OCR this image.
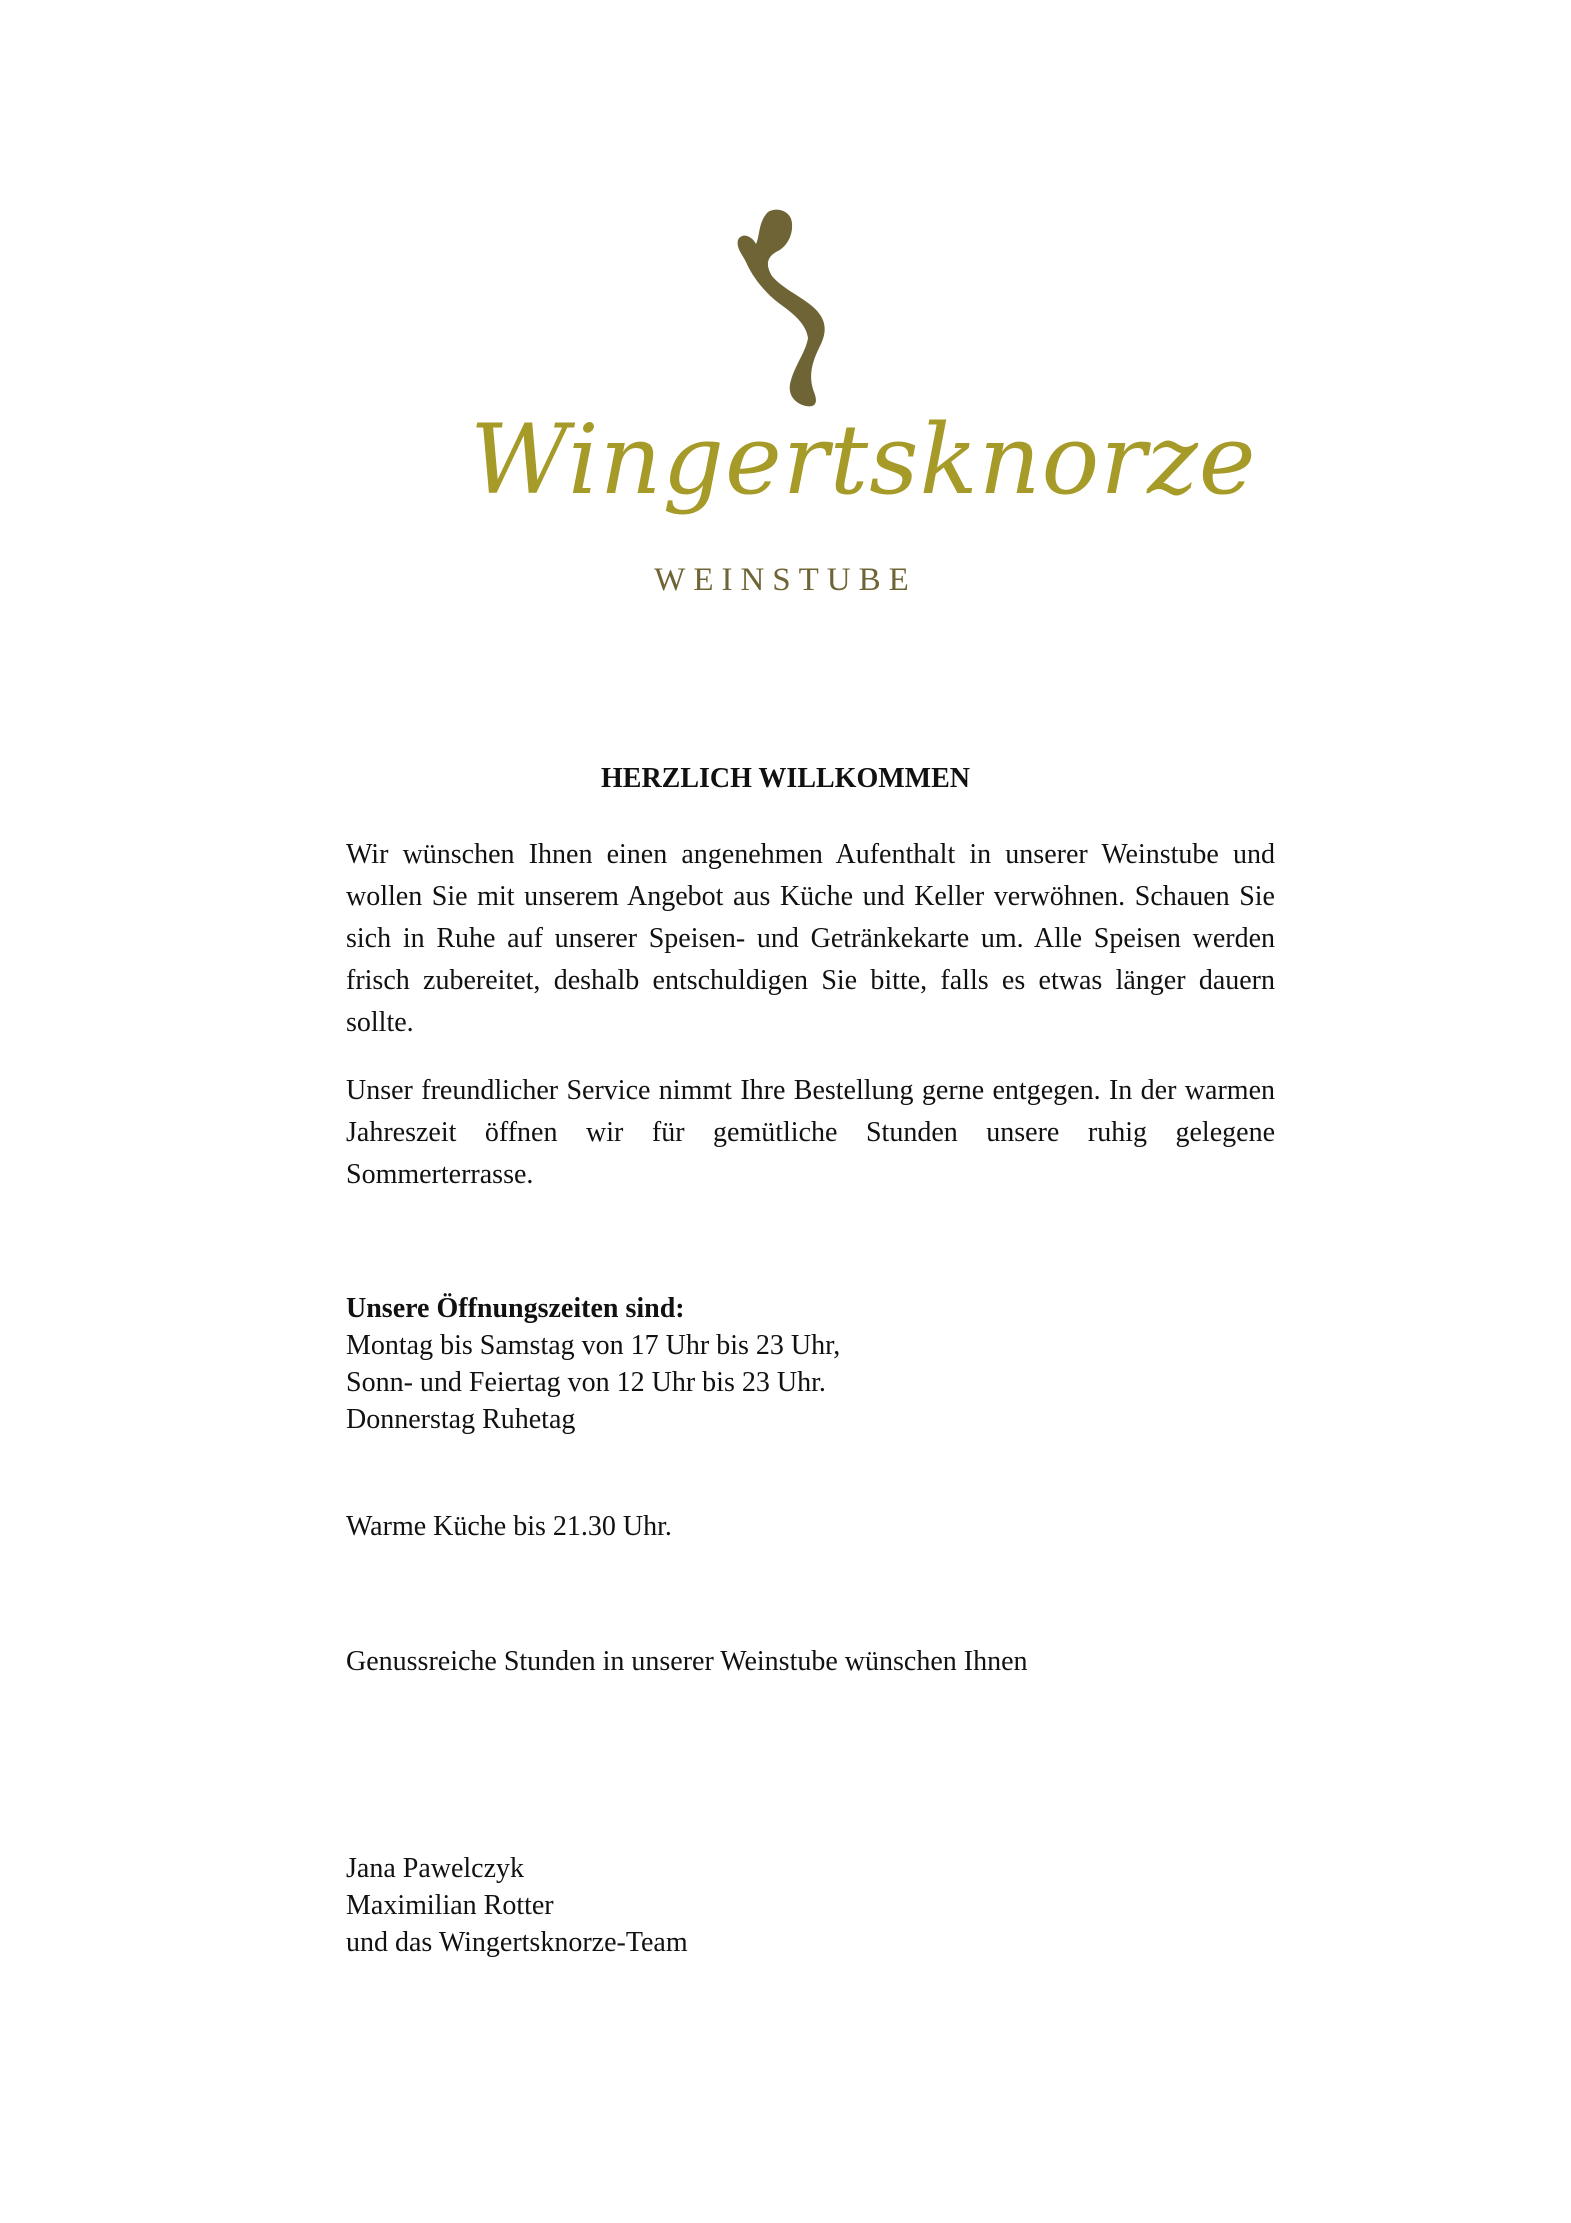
Wingertsknorze
WEINSTUBE
HERZLICH WILLKOMMEN

Wir wünschen Ihnen einen angenehmen Aufenthalt in unserer Weinstube und wollen Sie mit unserem Angebot aus Küche und Keller verwöhnen. Schauen Sie sich in Ruhe auf unserer Speisen- und Getränkekarte um. Alle Speisen werden frisch zubereitet, deshalb entschuldigen Sie bitte, falls es etwas länger dauern sollte.

Unser freundlicher Service nimmt Ihre Bestellung gerne entgegen. In der warmen Jahreszeit öffnen wir für gemütliche Stunden unsere ruhig gelegene Sommerterrasse.

Unsere Öffnungszeiten sind:
Montag bis Samstag von 17 Uhr bis 23 Uhr,
Sonn- und Feiertag von 12 Uhr bis 23 Uhr.
Donnerstag Ruhetag
Warme Küche bis 21.30 Uhr.
Genussreiche Stunden in unserer Weinstube wünschen Ihnen
Jana Pawelczyk
Maximilian Rotter
und das Wingertsknorze-Team
